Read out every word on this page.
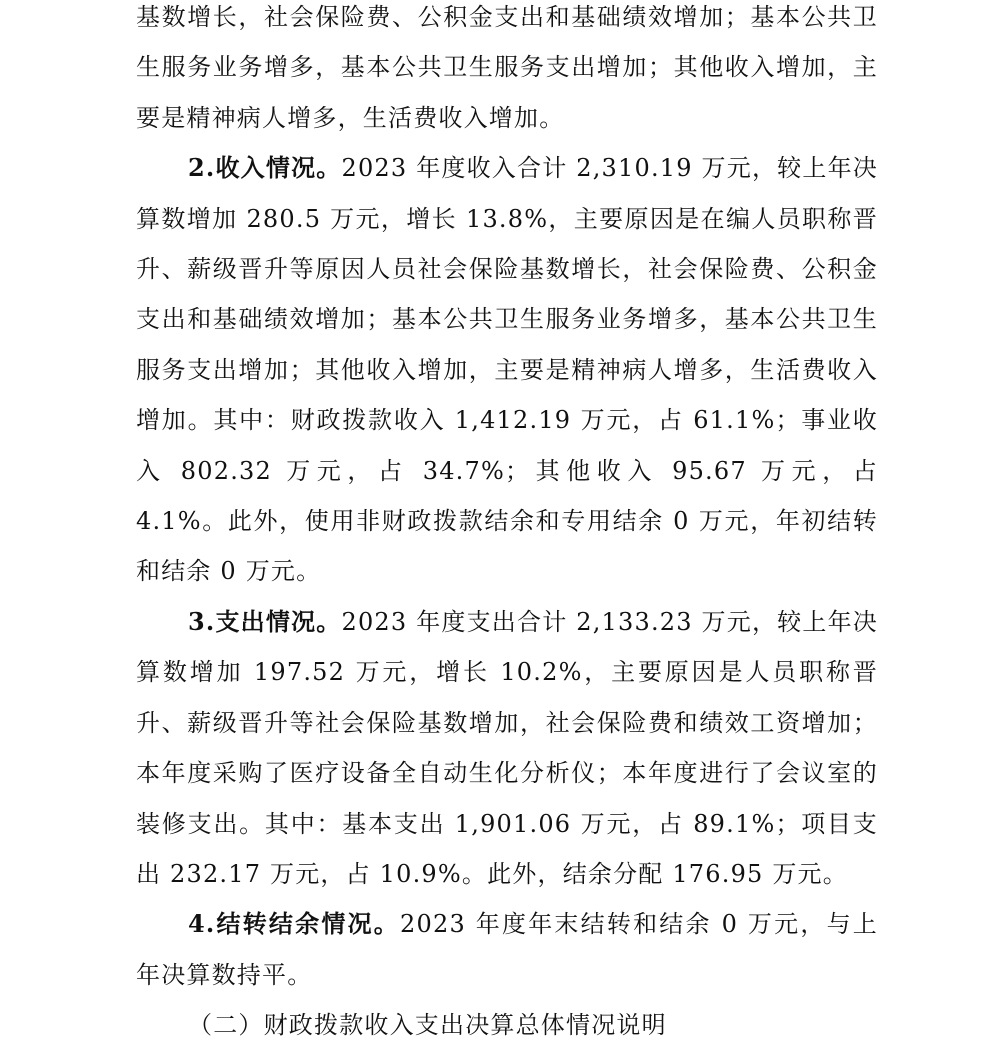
基数增长，社会保险费、公积金支出和基础绩效增加；基本公共卫生服务业务增多，基本公共卫生服务支出增加；其他收入增加，主要是精神病人增多，生活费收入增加。

2.收入情况。2023 年度收入合计 2,310.19 万元，较上年决算数增加 280.5 万元，增长 13.8%，主要原因是在编人员职称晋升、薪级晋升等原因人员社会保险基数增长，社会保险费、公积金支出和基础绩效增加；基本公共卫生服务业务增多，基本公共卫生服务支出增加；其他收入增加，主要是精神病人增多，生活费收入增加。其中：财政拨款收入 1,412.19 万元，占 61.1%；事业收入 802.32 万元，占 34.7%；其他收入 95.67 万元，占 4.1%。此外，使用非财政拨款结余和专用结余 0 万元，年初结转和结余 0 万元。

3.支出情况。2023 年度支出合计 2,133.23 万元，较上年决算数增加 197.52 万元，增长 10.2%，主要原因是人员职称晋升、薪级晋升等社会保险基数增加，社会保险费和绩效工资增加；本年度采购了医疗设备全自动生化分析仪；本年度进行了会议室的装修支出。其中：基本支出 1,901.06 万元，占 89.1%；项目支出 232.17 万元，占 10.9%。此外，结余分配 176.95 万元。

4.结转结余情况。2023 年度年末结转和结余 0 万元，与上年决算数持平。

（二）财政拨款收入支出决算总体情况说明
